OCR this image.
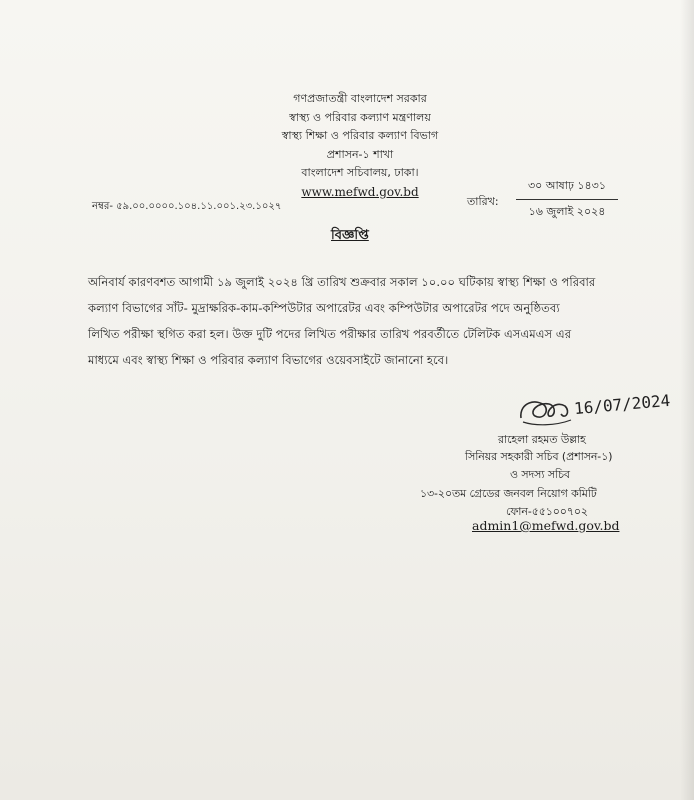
গণপ্রজাতন্ত্রী বাংলাদেশ সরকার
স্বাস্থ্য ও পরিবার কল্যাণ মন্ত্রণালয়
স্বাস্থ্য শিক্ষা ও পরিবার কল্যাণ বিভাগ
প্রশাসন-১ শাখা
বাংলাদেশ সচিবালয়, ঢাকা।
www.mefwd.gov.bd
নম্বর- ৫৯.০০.০০০০.১০৪.১১.০০১.২৩.১০২৭	তারিখ:
৩০ আষাঢ় ১৪৩১
১৬ জুলাই ২০২৪
বিজ্ঞপ্তি
অনিবার্য কারণবশত আগামী ১৯ জুলাই ২০২৪ খ্রি তারিখ শুক্রবার সকাল ১০.০০ ঘটিকায় স্বাস্থ্য শিক্ষা ও পরিবার
কল্যাণ বিভাগের সাঁট- মুদ্রাক্ষরিক-কাম-কম্পিউটার অপারেটর এবং কম্পিউটার অপারেটর পদে অনুষ্ঠিতব্য
লিখিত পরীক্ষা স্থগিত করা হল। উক্ত দুটি পদের লিখিত পরীক্ষার তারিখ পরবর্তীতে টেলিটক এসএমএস এর
মাধ্যমে এবং স্বাস্থ্য শিক্ষা ও পরিবার কল্যাণ বিভাগের ওয়েবসাইটে জানানো হবে।
16/07/2024
রাহেলা রহমত উল্লাহ
সিনিয়র সহকারী সচিব (প্রশাসন-১)
ও সদস্য সচিব
১৩-২০তম গ্রেডের জনবল নিয়োগ কমিটি
ফোন-৫৫১০০৭০২
admin1@mefwd.gov.bd
